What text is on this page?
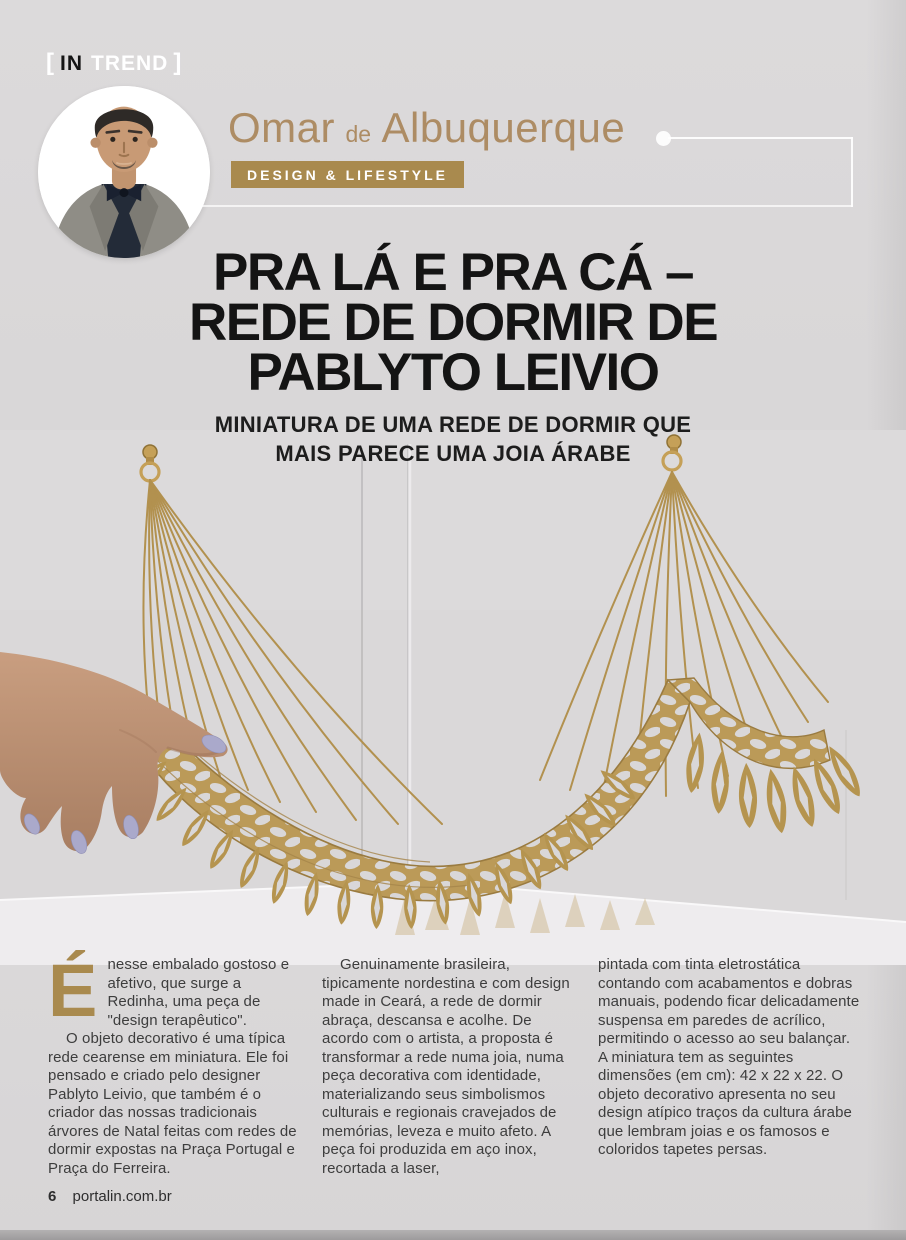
[ IN TREND ]
Omar de Albuquerque
DESIGN & LIFESTYLE
PRA LÁ E PRA CÁ –
REDE DE DORMIR DE
PABLYTO LEIVIO
MINIATURA DE UMA REDE DE DORMIR QUE
MAIS PARECE UMA JOIA ÁRABE

É nesse embalado gostoso e afetivo, que surge a Redinha, uma peça de "design terapêutico".

O objeto decorativo é uma típica rede cearense em miniatura. Ele foi pensado e criado pelo designer Pablyto Leivio, que também é o criador das nossas tradicionais árvores de Natal feitas com redes de dormir expostas na Praça Portugal e Praça do Ferreira.

Genuinamente brasileira, tipicamente nordestina e com design made in Ceará, a rede de dormir abraça, descansa e acolhe. De acordo com o artista, a proposta é transformar a rede numa joia, numa peça decorativa com identidade, materializando seus simbolismos culturais e regionais cravejados de memórias, leveza e muito afeto. A peça foi produzida em aço inox, recortada a laser,

pintada com tinta eletrostática contando com acabamentos e dobras manuais, podendo ficar delicadamente suspensa em paredes de acrílico, permitindo o acesso ao seu balançar. A miniatura tem as seguintes dimensões (em cm): 42 x 22 x 22. O objeto decorativo apresenta no seu design atípico traços da cultura árabe que lembram joias e os famosos e coloridos tapetes persas.

6 portalin.com.br
